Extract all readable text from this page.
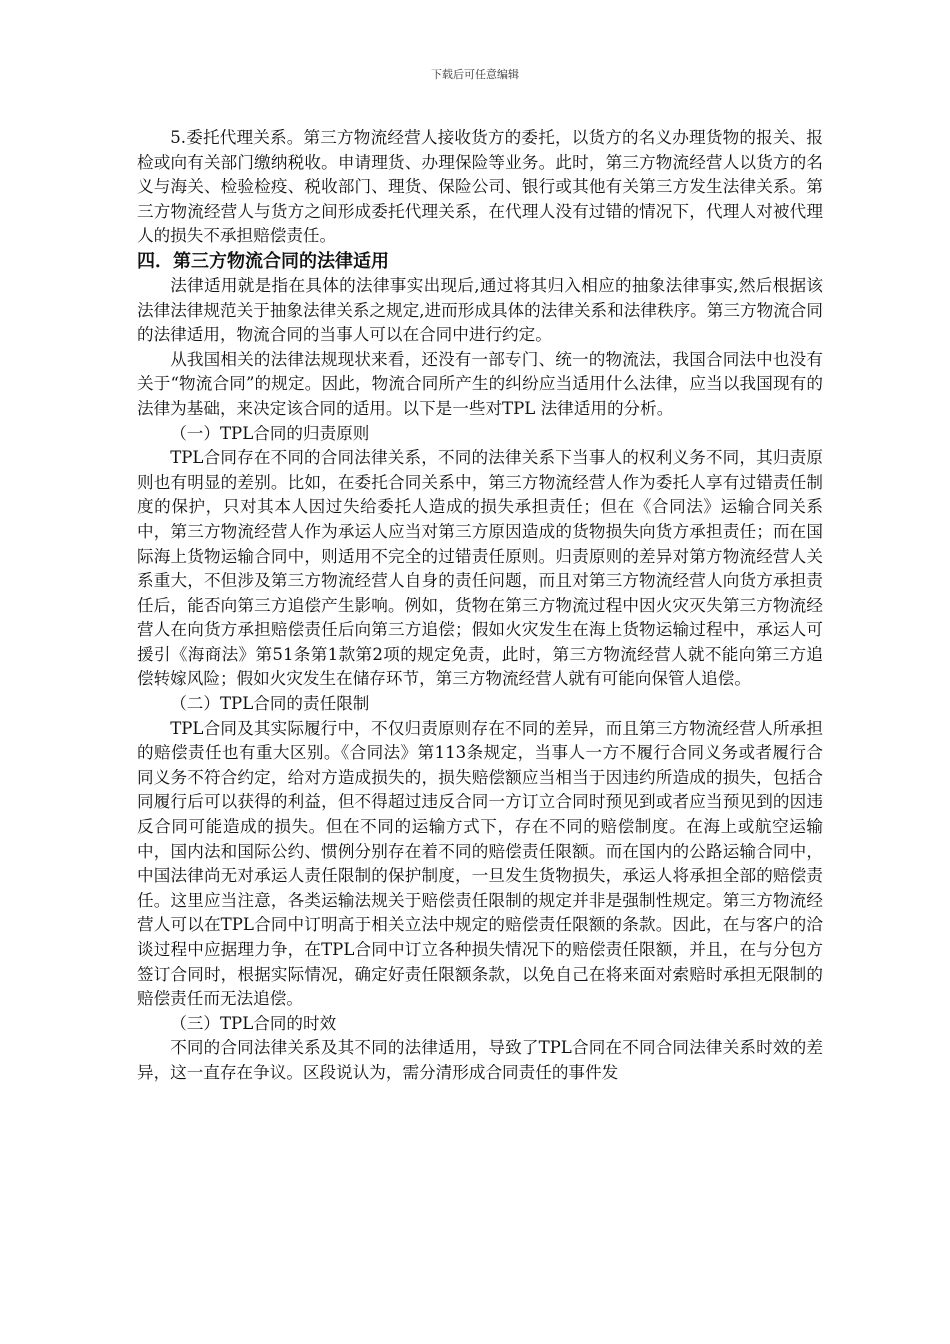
下载后可任意编辑

5.委托代理关系。第三方物流经营人接收货方的委托，以货方的名义办理货物的报关、报检或向有关部门缴纳税收。申请理货、办理保险等业务。此时，第三方物流经营人以货方的名义与海关、检验检疫、税收部门、理货、保险公司、银行或其他有关第三方发生法律关系。第三方物流经营人与货方之间形成委托代理关系，在代理人没有过错的情况下，代理人对被代理人的损失不承担赔偿责任。

四．第三方物流合同的法律适用

法律适用就是指在具体的法律事实出现后,通过将其归入相应的抽象法律事实,然后根据该法律法律规范关于抽象法律关系之规定,进而形成具体的法律关系和法律秩序。第三方物流合同的法律适用，物流合同的当事人可以在合同中进行约定。

从我国相关的法律法规现状来看，还没有一部专门、统一的物流法，我国合同法中也没有关于“物流合同”的规定。因此，物流合同所产生的纠纷应当适用什么法律，应当以我国现有的法律为基础，来决定该合同的适用。以下是一些对TPL 法律适用的分析。

（一）TPL合同的归责原则

TPL合同存在不同的合同法律关系，不同的法律关系下当事人的权利义务不同，其归责原则也有明显的差别。比如，在委托合同关系中，第三方物流经营人作为委托人享有过错责任制度的保护，只对其本人因过失给委托人造成的损失承担责任；但在《合同法》运输合同关系中，第三方物流经营人作为承运人应当对第三方原因造成的货物损失向货方承担责任；而在国际海上货物运输合同中，则适用不完全的过错责任原则。归责原则的差异对第方物流经营人关系重大，不但涉及第三方物流经营人自身的责任问题，而且对第三方物流经营人向货方承担责任后，能否向第三方追偿产生影响。例如，货物在第三方物流过程中因火灾灭失第三方物流经营人在向货方承担赔偿责任后向第三方追偿；假如火灾发生在海上货物运输过程中，承运人可援引《海商法》第51条第1款第2项的规定免责，此时，第三方物流经营人就不能向第三方追偿转嫁风险；假如火灾发生在储存环节，第三方物流经营人就有可能向保管人追偿。

（二）TPL合同的责任限制

TPL合同及其实际履行中，不仅归责原则存在不同的差异，而且第三方物流经营人所承担的赔偿责任也有重大区别。《合同法》第113条规定，当事人一方不履行合同义务或者履行合同义务不符合约定，给对方造成损失的，损失赔偿额应当相当于因违约所造成的损失，包括合同履行后可以获得的利益，但不得超过违反合同一方订立合同时预见到或者应当预见到的因违反合同可能造成的损失。但在不同的运输方式下，存在不同的赔偿制度。在海上或航空运输中，国内法和国际公约、惯例分别存在着不同的赔偿责任限额。而在国内的公路运输合同中，中国法律尚无对承运人责任限制的保护制度，一旦发生货物损失，承运人将承担全部的赔偿责任。这里应当注意，各类运输法规关于赔偿责任限制的规定并非是强制性规定。第三方物流经营人可以在TPL合同中订明高于相关立法中规定的赔偿责任限额的条款。因此，在与客户的洽谈过程中应据理力争，在TPL合同中订立各种损失情况下的赔偿责任限额，并且，在与分包方签订合同时，根据实际情况，确定好责任限额条款，以免自己在将来面对索赔时承担无限制的赔偿责任而无法追偿。

（三）TPL合同的时效

不同的合同法律关系及其不同的法律适用，导致了TPL合同在不同合同法律关系时效的差异，这一直存在争议。区段说认为，需分清形成合同责任的事件发
